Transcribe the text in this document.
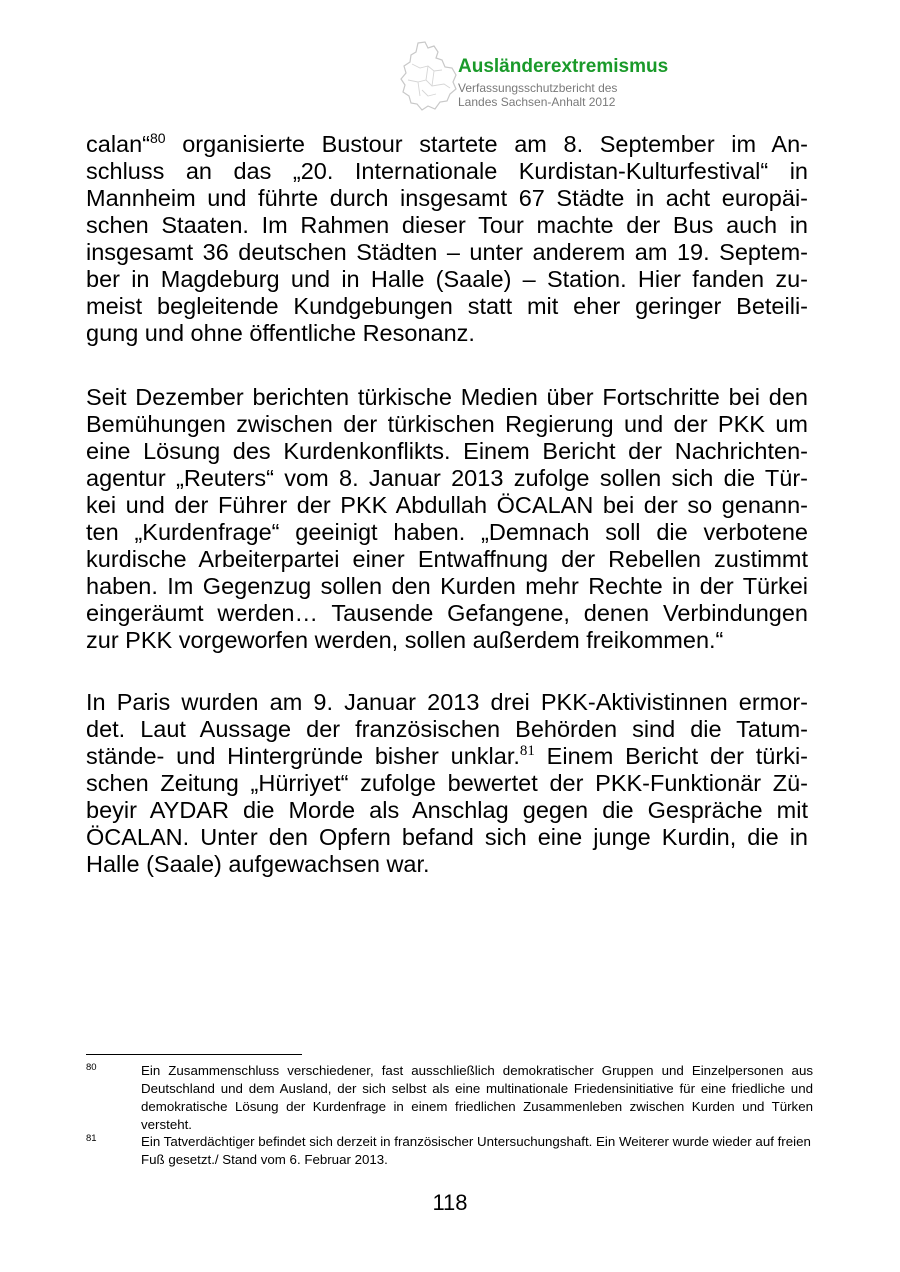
Ausländerextremismus
Verfassungsschutzbericht des
Landes Sachsen-Anhalt 2012
calan“$^{80}$ organisierte Bustour startete am 8. September im An-
schluss an das „20. Internationale Kurdistan-Kulturfestival“ in
Mannheim und führte durch insgesamt 67 Städte in acht europäi-
schen Staaten. Im Rahmen dieser Tour machte der Bus auch in
insgesamt 36 deutschen Städten – unter anderem am 19. Septem-
ber in Magdeburg und in Halle (Saale) – Station. Hier fanden zu-
meist begleitende Kundgebungen statt mit eher geringer Beteili-
gung und ohne öffentliche Resonanz.
Seit Dezember berichten türkische Medien über Fortschritte bei den
Bemühungen zwischen der türkischen Regierung und der PKK um
eine Lösung des Kurdenkonflikts. Einem Bericht der Nachrichten-
agentur „Reuters“ vom 8. Januar 2013 zufolge sollen sich die Tür-
kei und der Führer der PKK Abdullah ÖCALAN bei der so genann-
ten „Kurdenfrage“ geeinigt haben. „Demnach soll die verbotene
kurdische Arbeiterpartei einer Entwaffnung der Rebellen zustimmt
haben. Im Gegenzug sollen den Kurden mehr Rechte in der Türkei
eingeräumt werden… Tausende Gefangene, denen Verbindungen
zur PKK vorgeworfen werden, sollen außerdem freikommen.“
In Paris wurden am 9. Januar 2013 drei PKK-Aktivistinnen ermor-
det. Laut Aussage der französischen Behörden sind die Tatum-
stände- und Hintergründe bisher unklar.$^{81}$ Einem Bericht der türki-
schen Zeitung „Hürriyet“ zufolge bewertet der PKK-Funktionär Zü-
beyir AYDAR die Morde als Anschlag gegen die Gespräche mit
ÖCALAN. Unter den Opfern befand sich eine junge Kurdin, die in
Halle (Saale) aufgewachsen war.
80	Ein Zusammenschluss verschiedener, fast ausschließlich demokratischer Gruppen und Einzelpersonen aus Deutschland und dem Ausland, der sich selbst als eine multinationale Friedensinitiative für eine friedliche und demokratische Lösung der Kurdenfrage in einem friedlichen Zusammenleben zwischen Kurden und Türken versteht.
81	Ein Tatverdächtiger befindet sich derzeit in französischer Untersuchungshaft. Ein Weiterer wurde wieder auf freien Fuß gesetzt./ Stand vom 6. Februar 2013.
118
